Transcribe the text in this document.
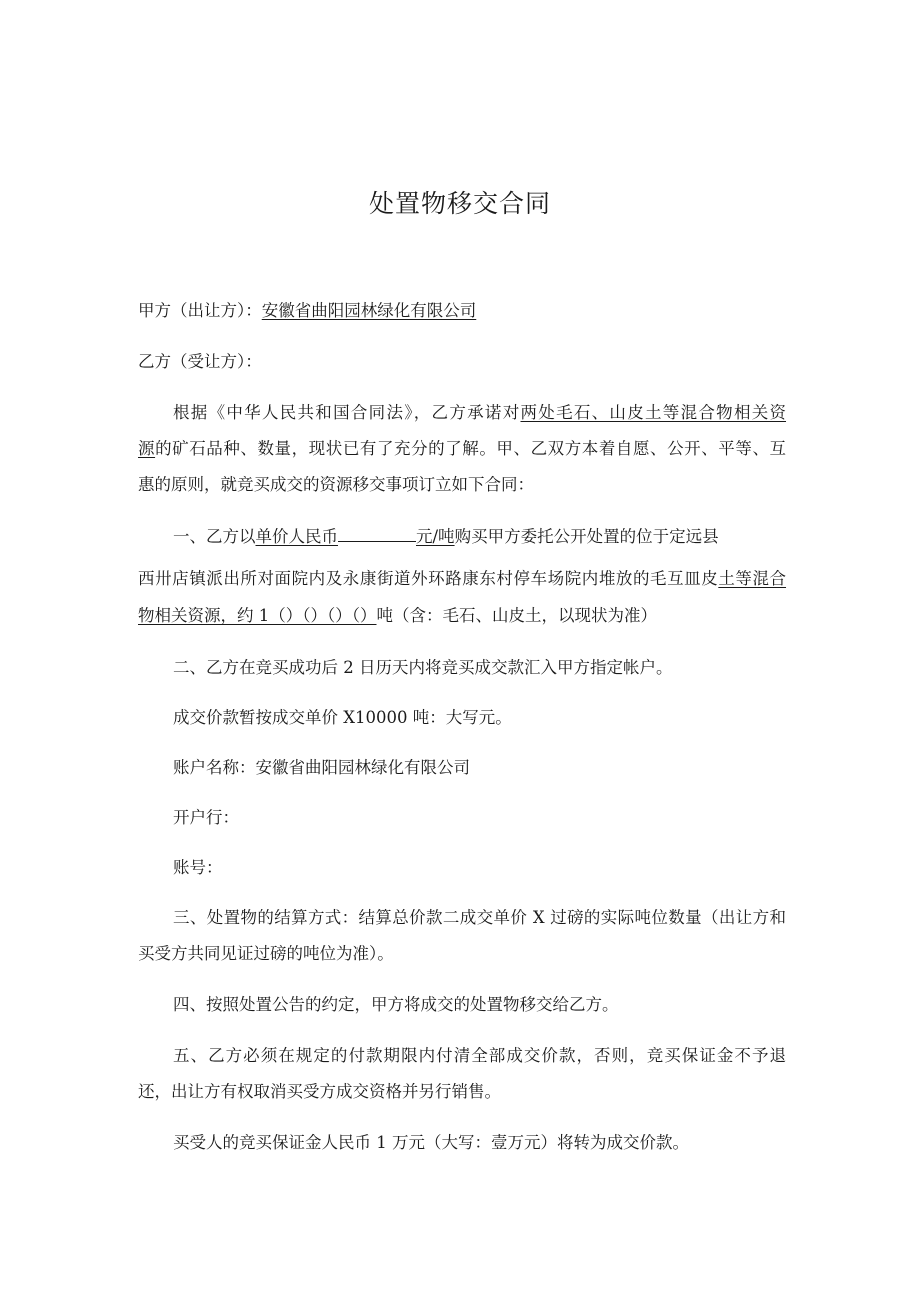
处置物移交合同
甲方（出让方）：安徽省曲阳园林绿化有限公司
乙方（受让方）：
根据《中华人民共和国合同法》，乙方承诺对两处毛石、山皮土等混合物相关资
源的矿石品种、数量，现状已有了充分的了解。甲、乙双方本着自愿、公开、平等、互
惠的原则，就竞买成交的资源移交事项订立如下合同：
一、乙方以单价人民币	元/吨购买甲方委托公开处置的位于定远县
西卅店镇派出所对面院内及永康街道外环路康东村停车场院内堆放的毛互皿皮土等混合
物相关资源，约 1（）（）（）（）吨（含：毛石、山皮土，以现状为准）
二、乙方在竞买成功后 2 日历天内将竞买成交款汇入甲方指定帐户。
成交价款暂按成交单价 X10000 吨：大写元。
账户名称：安徽省曲阳园林绿化有限公司
开户行：
账号：
三、处置物的结算方式：结算总价款二成交单价 X 过磅的实际吨位数量（出让方和
买受方共同见证过磅的吨位为准）。
四、按照处置公告的约定，甲方将成交的处置物移交给乙方。
五、乙方必须在规定的付款期限内付清全部成交价款，否则，竞买保证金不予退
还，出让方有权取消买受方成交资格并另行销售。
买受人的竞买保证金人民币 1 万元（大写：壹万元）将转为成交价款。
